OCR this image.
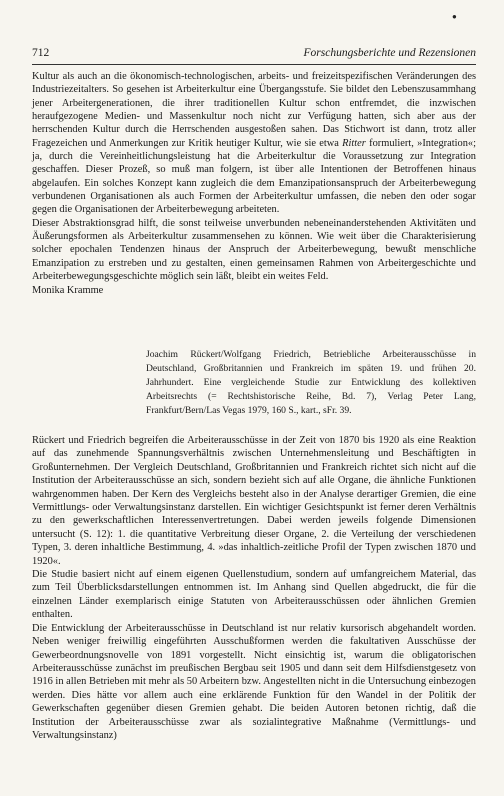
●
712	Forschungsberichte und Rezensionen

Kultur als auch an die ökonomisch-technologischen, arbeits- und freizeitspezifischen Veränderungen des Industriezeitalters. So gesehen ist Arbeiterkultur eine Übergangsstufe. Sie bildet den Lebenszusammhang jener Arbeitergenerationen, die ihrer traditionellen Kultur schon entfremdet, die inzwischen heraufgezogene Medien- und Massenkultur noch nicht zur Verfügung hatten, sich aber aus der herrschenden Kultur durch die Herrschenden ausgestoßen sahen. Das Stichwort ist dann, trotz aller Fragezeichen und Anmerkungen zur Kritik heutiger Kultur, wie sie etwa Ritter formuliert, »Integration«; ja, durch die Vereinheitlichungsleistung hat die Arbeiterkultur die Voraussetzung zur Integration geschaffen. Dieser Prozeß, so muß man folgern, ist über alle Intentionen der Betroffenen hinaus abgelaufen. Ein solches Konzept kann zugleich die dem Emanzipationsanspruch der Arbeiterbewegung verbundenen Organisationen als auch Formen der Arbeiterkultur umfassen, die neben den oder sogar gegen die Organisationen der Arbeiterbewegung arbeiteten.

Dieser Abstraktionsgrad hilft, die sonst teilweise unverbunden nebeneinanderstehenden Aktivitäten und Äußerungsformen als Arbeiterkultur zusammensehen zu können. Wie weit über die Charakterisierung solcher epochalen Tendenzen hinaus der Anspruch der Arbeiterbewegung, bewußt menschliche Emanzipation zu erstreben und zu gestalten, einen gemeinsamen Rahmen von Arbeitergeschichte und Arbeiterbewegungsgeschichte möglich sein läßt, bleibt ein weites Feld.

Monika Kramme

Joachim Rückert/Wolfgang Friedrich, Betriebliche Arbeiterausschüsse in Deutschland, Großbritannien und Frankreich im späten 19. und frühen 20. Jahrhundert. Eine vergleichende Studie zur Entwicklung des kollektiven Arbeitsrechts (= Rechtshistorische Reihe, Bd. 7), Verlag Peter Lang, Frankfurt/Bern/Las Vegas 1979, 160 S., kart., sFr. 39.

Rückert und Friedrich begreifen die Arbeiterausschüsse in der Zeit von 1870 bis 1920 als eine Reaktion auf das zunehmende Spannungsverhältnis zwischen Unternehmensleitung und Beschäftigten in Großunternehmen. Der Vergleich Deutschland, Großbritannien und Frankreich richtet sich nicht auf die Institution der Arbeiterausschüsse an sich, sondern bezieht sich auf alle Organe, die ähnliche Funktionen wahrgenommen haben. Der Kern des Vergleichs besteht also in der Analyse derartiger Gremien, die eine Vermittlungs- oder Verwaltungsinstanz darstellen. Ein wichtiger Gesichtspunkt ist ferner deren Verhältnis zu den gewerkschaftlichen Interessenvertretungen. Dabei werden jeweils folgende Dimensionen untersucht (S. 12): 1. die quantitative Verbreitung dieser Organe, 2. die Verteilung der verschiedenen Typen, 3. deren inhaltliche Bestimmung, 4. »das inhaltlich-zeitliche Profil der Typen zwischen 1870 und 1920«.

Die Studie basiert nicht auf einem eigenen Quellenstudium, sondern auf umfangreichem Material, das zum Teil Überblicksdarstellungen entnommen ist. Im Anhang sind Quellen abgedruckt, die für die einzelnen Länder exemplarisch einige Statuten von Arbeiterausschüssen oder ähnlichen Gremien enthalten.

Die Entwicklung der Arbeiterausschüsse in Deutschland ist nur relativ kursorisch abgehandelt worden. Neben weniger freiwillig eingeführten Ausschußformen werden die fakultativen Ausschüsse der Gewerbeordnungsnovelle von 1891 vorgestellt. Nicht einsichtig ist, warum die obligatorischen Arbeiterausschüsse zunächst im preußischen Bergbau seit 1905 und dann seit dem Hilfsdienstgesetz von 1916 in allen Betrieben mit mehr als 50 Arbeitern bzw. Angestellten nicht in die Untersuchung einbezogen werden. Dies hätte vor allem auch eine erklärende Funktion für den Wandel in der Politik der Gewerkschaften gegenüber diesen Gremien gehabt. Die beiden Autoren betonen richtig, daß die Institution der Arbeiterausschüsse zwar als sozialintegrative Maßnahme (Vermittlungs- und Verwaltungsinstanz)
